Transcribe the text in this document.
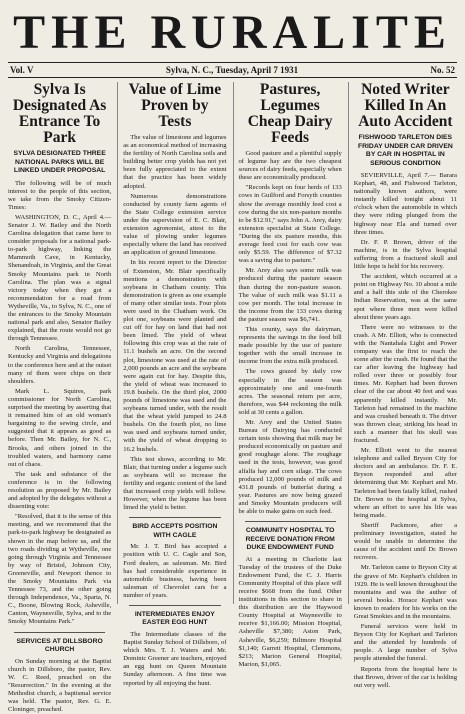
THE RURALITE
Vol. V	Sylva, N. C., Tuesday, April 7 1931	No. 52
Sylva Is Designated As Entrance To Park
SYLVA DESIGNATED THREE NATIONAL PARKS WILL BE LINKED UNDER PROPOSAL

The following will be of much interest to the people of this section, we take from the Smoky Citizen-Times:

WASHINGTON, D. C., April 4.— Senator J. W. Bailey and the North Carolina delegation that came here to consider proposals for a national park-to-park highway, linking the Mammoth Cave, in Kentucky, Shenandoah, in Virginia, and the Great Smoky Mountains park in North Carolina. The plan was a signal victory today when they got a recommendation for a road from Wytheville, Va., to Sylva, N. C., one of the entrances to the Smoky Mountain national park and also, Senator Bailey explained, that the route would not go through Tennessee.

North Carolina, Tennessee, Kentucky and Virginia and delegations to the conference here and at the outset many of them were chips on their shoulders.

Mark L. Squires, park commissioner for North Carolina, surprised the meeting by asserting that it remained him of an old woman's bargaining to the sewing circle, and suggested that it appears as good as before. Then Mr. Bailey, for N. C., Brooks, and others joined in the troubled waters, and harmony came out of chaos.

The task and substance of the conference is in the following resolution as proposed by Mr. Bailey and adopted by the delegates without a dissenting vote:

"Resolved, that it is the sense of this meeting, and we recommend that the park-to-park highway be designated as shown in the map before us, and the two roads dividing at Wytheville, one going through Virginia and Tennessee by way of Bristol, Johnson City, Greeneville, and Newport thence to the Smoky Mountains Park via Tennessee 73, and the other going through Independence, Va., Sparta, N. C., Boone, Blowing Rock, Asheville, Canton, Waynesville, Sylva, and to the Smoky Mountains Park."

SERVICES AT DILLSBORO CHURCH

On Sunday morning at the Baptist church in Dillsboro, the pastor, Rev. W. C. Reed, preached on the "Resurrection." In the evening at the Methodist church, a baptismal service was held. The pastor, Rev. G. E. Cloninger, preached.

Value of Lime Proven by Tests

The value of limestone and legumes as an economical method of increasing the fertility of North Carolina soils and building better crop yields has not yet been fully appreciated to the extent that the practice has been widely adopted.

Numerous demonstrations conducted by county farm agents of the State College extension service under the supervision of E. C. Blair, extension agronomist, attest to the value of plowing under legumes especially where the land has received an application of ground limestone.

In his recent report to the Director of Extension, Mr. Blair specifically mentions a demonstration with soybeans in Chatham county. This demonstration is given as one example of many other similar tests. Four plots were used in the Chatham work. On plot one, soybeans were planted and cut off for hay on land that had not been limed. The yield of wheat following this crop was at the rate of 11.1 bushels an acre. On the second plot, limestone was used at the rate of 2,000 pounds an acre and the soybeans were again cut for hay. Despite this, the yield of wheat was increased to 19.8 bushels. On the third plot, 2000 pounds of limestone was used and the soybeans turned under, with the result that the wheat yield jumped to 24.8 bushels. On the fourth plot, no lime was used and soybeans turned under, with the yield of wheat dropping to 16.2 bushels.

This test shows, according to Mr. Blair, that turning under a legume such as soybeans will so increase the fertility and organic content of the land that increased crop yields will follow. However, when the legume has been limed the yield is better.

BIRD ACCEPTS POSITION WITH CAGLE

Mr. J. T. Bird has accepted a position with U. C. Cagle and Son, Ford dealers, as salesman. Mr. Bird has had considerable experience in automobile business, having been salesman of Chevrolet cars for a number of years.

INTERMEDIATES ENJOY EASTER EGG HUNT

The Intermediate classes of the Baptist Sunday School of Dillsboro, of which Mrs. T. J. Waters and Mr. Dominic Greener are teachers, enjoyed an egg hunt on Queen Mountain Sunday afternoon. A fine time was reported by all enjoying the hunt.

Pastures, Legumes Cheap Dairy Feeds

Good pasture and a plentiful supply of legume hay are the two cheapest sources of dairy feeds, especially when these are economically produced.

"Records kept on four herds of 133 cows in Guilford and Forsyth counties show the average monthly feed cost a cow during the six non-pasture months to be $12.91," says John A. Arey, dairy extension specialist at State College. "During the six pasture months, this average feed cost for each cow was only $5.59. The difference of $7.32 was a saving due to pasture."

Mr. Arey also says some milk was produced during the pasture season than during the non-pasture season. The value of such milk was $1.11 a cow per month. The total increase in the income from the 133 cows during the pasture season was $6,741.

This county, says the dairyman, represents the savings in the feed bill made possible by the use of pasture together with the small increase in income from the extra milk produced.

The cows grazed by daily cow especially in the season was approximately one and one-fourth acres. The seasonal return per acre, therefore, was $44 reckoning the milk sold at 30 cents a gallon.

Mr. Arey and the United States Bureau of Dairying has conducted certain tests showing that milk may be produced economically on pasture and good roughage alone. The roughage used in the tests, however, was good alfalfa hay and corn silage. The cows produced 12,000 pounds of milk and 431.8 pounds of butterfat during a year. Pastures are now being grazed and Smoky Mountain producers will be able to make gains on such feed.

COMMUNITY HOSPITAL TO RECEIVE DONATION FROM DUKE ENDOWMENT FUND

At a meeting in Charlotte last Tuesday of the trustees of the Duke Endowment Fund, the C. J. Harris Community Hospital of this place will receive $668 from the fund. Other institutions in this section to share in this distribution are the Haywood County Hospital at Waynesville to receive $1,166.00; Mission Hospital, Asheville $7,380; Aston Park, Asheville, $6,259; Biltmore Hospital $1,140; Garrett Hospital, Clemmons, $213; Marion General Hospital, Marion, $1,065.

Noted Writer Killed In An Auto Accident
FISHWOOD TARLETON DIES FRIDAY UNDER CAR DRIVEN BY CAR IN HOSPITAL IN SERIOUS CONDITION

SEVIERVILLE, April 7.— Barara Kephart, 48, and Fishwood Tarleton, nationally known authors, were instantly killed tonight about 11 o'clock when the automobile in which they were riding plunged from the highway near Ela and turned over three times.

Dr. F. P. Brown, driver of the machine, is in the Sylva hospital suffering from a fractured skull and little hope is held for his recovery.

The accident, which occurred at a point on Highway No. 10 about a mile and a half this side of the Cherokee Indian Reservation, was at the same spot where three men were killed about three years ago.

There were no witnesses to the crash. A Mr. Elliott, who is connected with the Nantahala Light and Power company was the first to reach the scene after the crash. He found that the car after leaving the highway had rolled over three or possibly four times. Mr. Kephart had been thrown clear of the car about 40 feet and was apparently killed instantly. Mr. Tarleton had remained in the machine and was crushed beneath it. The driver was thrown clear, striking his head in such a manner that his skull was fractured.

Mr. Elliott went to the nearest telephone and called Bryson City for doctors and an ambulance. Dr. F. E. Bryson responded and after determining that Mr. Kephart and Mr. Tarleton had been fatally killed, rushed Dr. Brown to the hospital at Sylva, where an effort to save his life was being made.

Sheriff Packmore, after a preliminary investigation, stated he would be unable to determine the cause of the accident until Dr. Brown recovers.

Mr. Tarleton came to Bryson City at the grave of Mr. Kephart's children in 1929. He is well known throughout the mountains and was the author of several books. Horace Kephart was known to readers for his works on the Great Smokies and in the mountains.

Funeral services were held in Bryson City for Kephart and Tarleton and the attended by hundreds of people. A large number of Sylva people attended the funeral.

Reports from the hospital here is that Brown, driver of the car is holding out very well.
